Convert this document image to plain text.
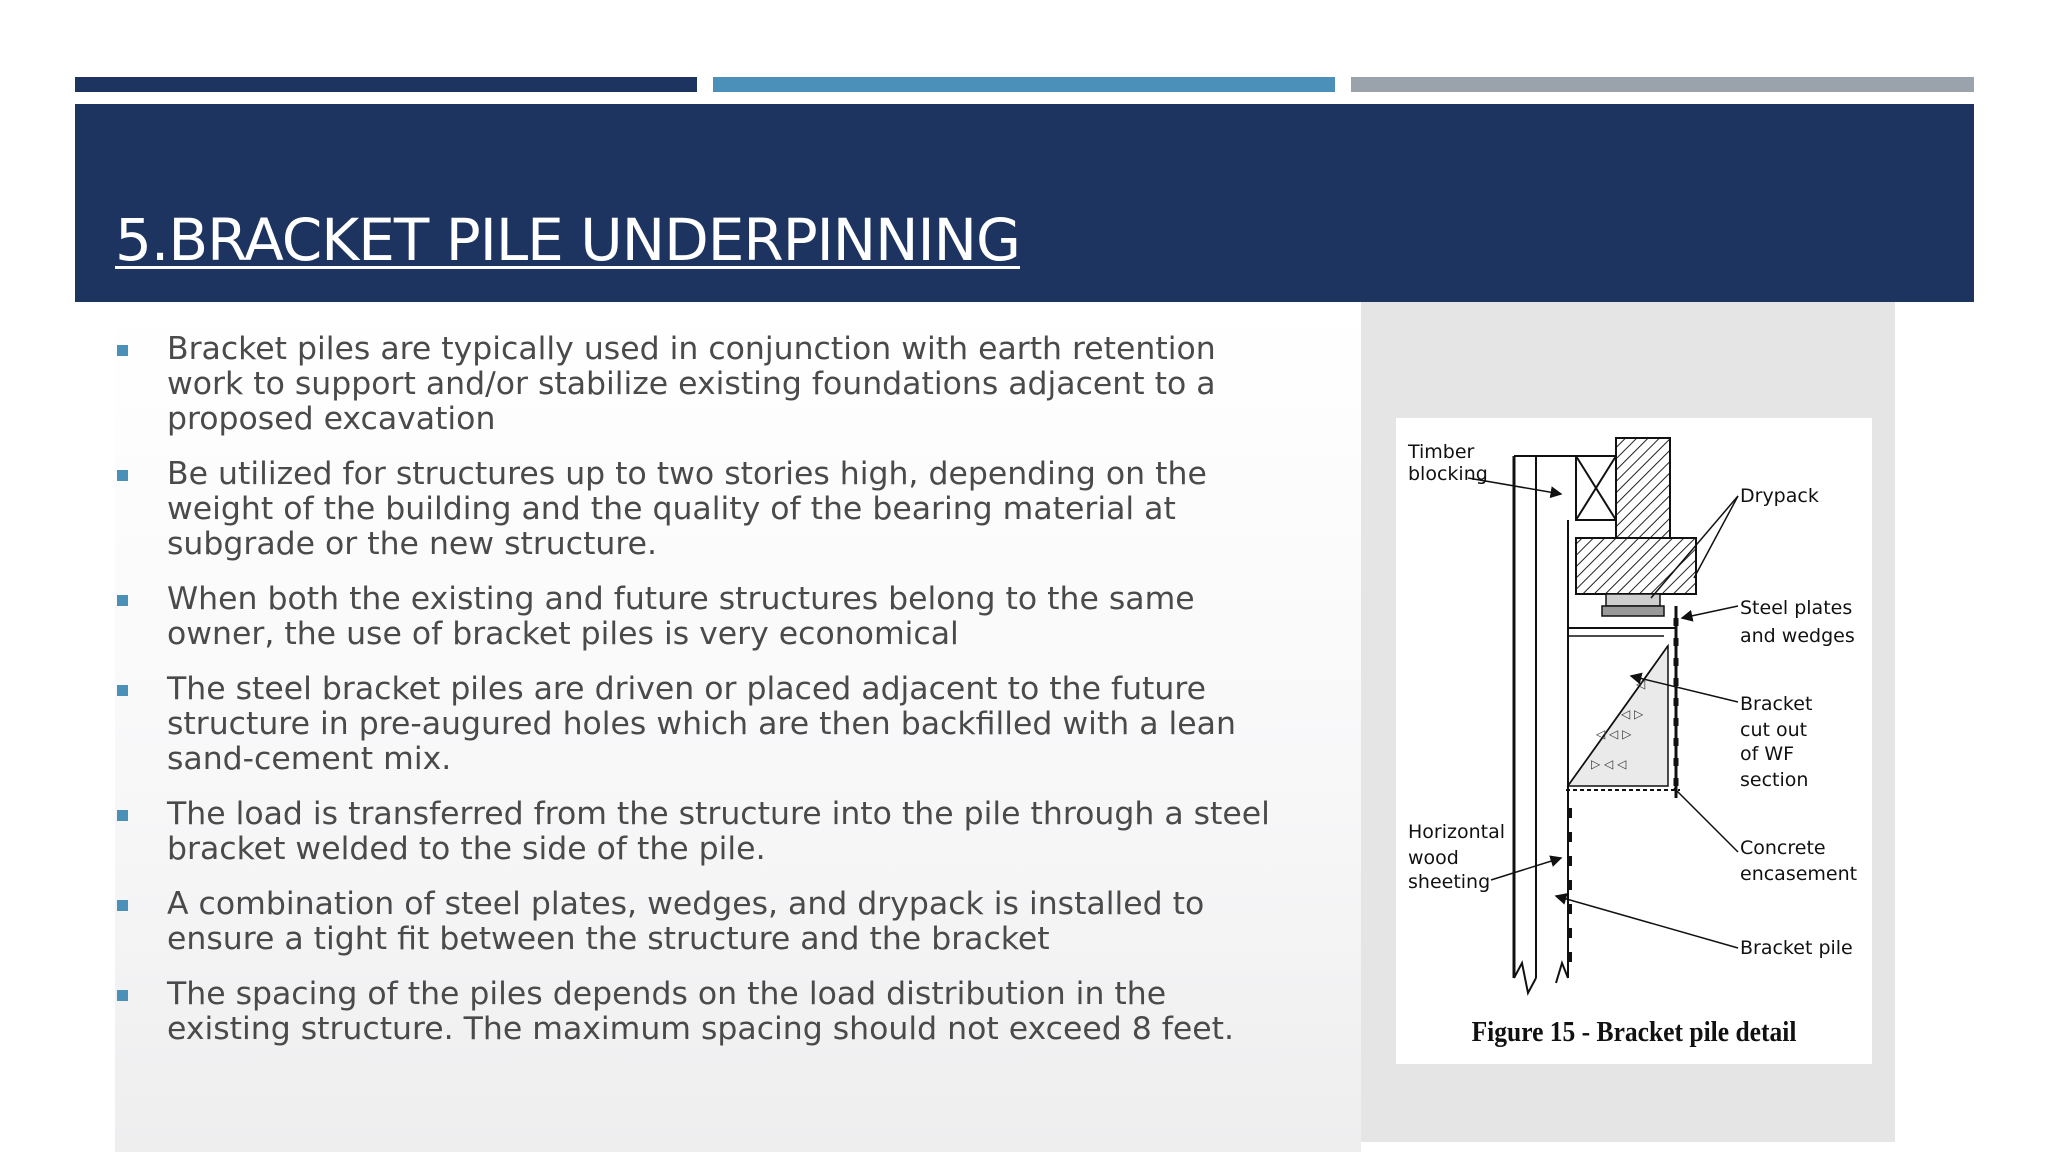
5.BRACKET PILE UNDERPINNING
Bracket piles are typically used in conjunction with earth retention work to support and/or stabilize existing foundations adjacent to a proposed excavation
Be utilized for structures up to two stories high, depending on the weight of the building and the quality of the bearing material at subgrade or the new structure.
When both the existing and future structures belong to the same owner, the use of bracket piles is very economical
The steel bracket piles are driven or placed adjacent to the future structure in pre-augured holes which are then backfilled with a lean sand-cement mix.
The load is transferred from the structure into the pile through a steel bracket welded to the side of the pile.
A combination of steel plates, wedges, and drypack is installed to ensure a tight fit between the structure and the bracket
The spacing of the piles depends on the load distribution in the existing structure. The maximum spacing should not exceed 8 feet.
◁ ◁ ▷
◁ ▷
▷ ◁ ◁
◁
Timber blocking
Drypack
Steel plates and wedges
Bracket cut out of WF section
Horizontal wood sheeting
Concrete encasement
Bracket pile
Figure 15 - Bracket pile detail
